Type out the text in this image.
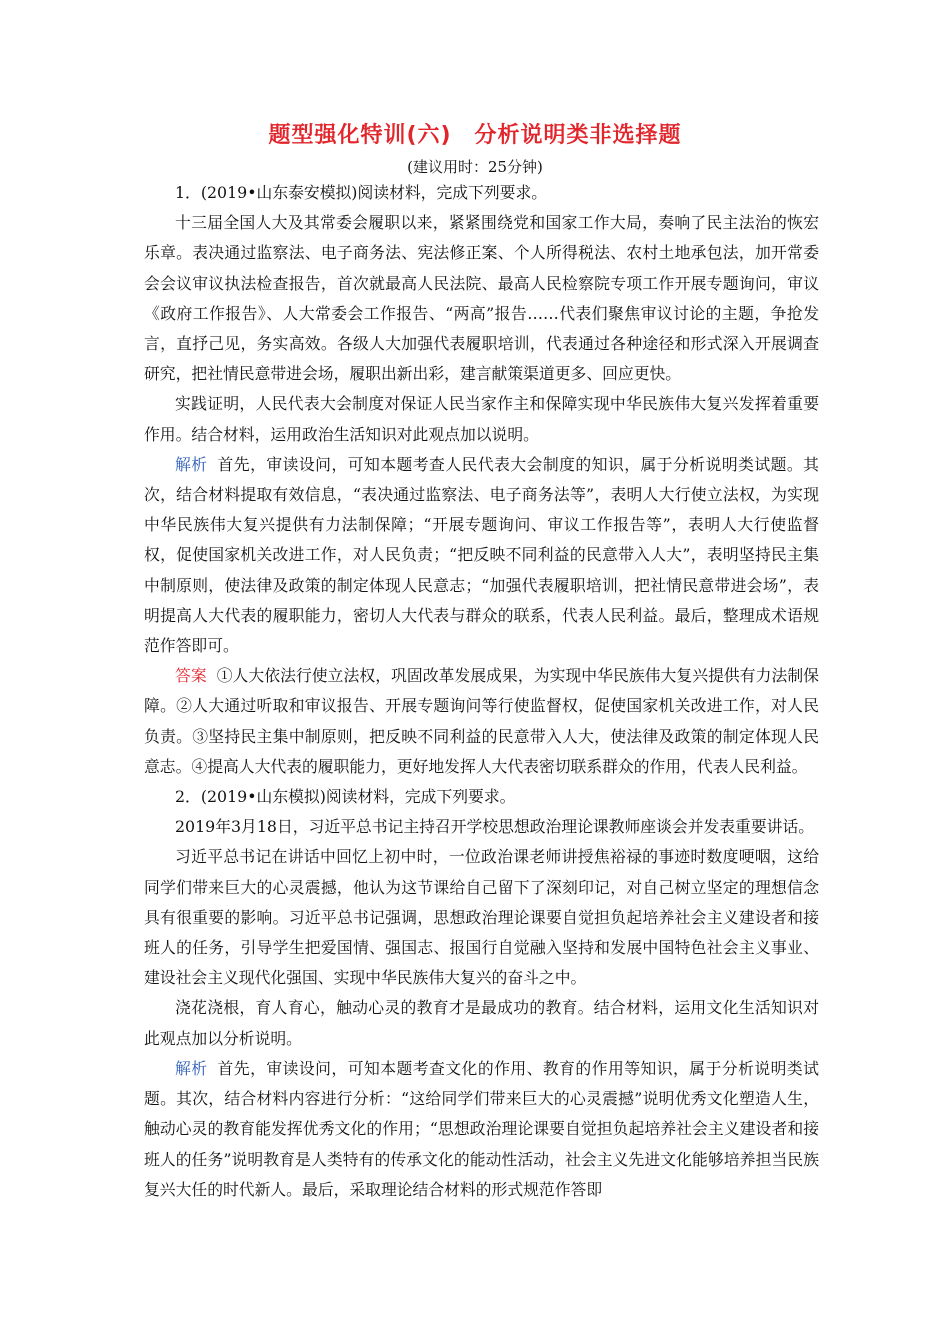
题型强化特训(六)　分析说明类非选择题
(建议用时：25分钟)

1．(2019•山东泰安模拟)阅读材料，完成下列要求。

十三届全国人大及其常委会履职以来，紧紧围绕党和国家工作大局，奏响了民主法治的恢宏乐章。表决通过监察法、电子商务法、宪法修正案、个人所得税法、农村土地承包法，加开常委会会议审议执法检查报告，首次就最高人民法院、最高人民检察院专项工作开展专题询问，审议《政府工作报告》、人大常委会工作报告、“两高”报告……代表们聚焦审议讨论的主题，争抢发言，直抒己见，务实高效。各级人大加强代表履职培训，代表通过各种途径和形式深入开展调查研究，把社情民意带进会场，履职出新出彩，建言献策渠道更多、回应更快。

实践证明，人民代表大会制度对保证人民当家作主和保障实现中华民族伟大复兴发挥着重要作用。结合材料，运用政治生活知识对此观点加以说明。

解析 首先，审读设问，可知本题考查人民代表大会制度的知识，属于分析说明类试题。其次，结合材料提取有效信息，“表决通过监察法、电子商务法等”，表明人大行使立法权，为实现中华民族伟大复兴提供有力法制保障；“开展专题询问、审议工作报告等”，表明人大行使监督权，促使国家机关改进工作，对人民负责；“把反映不同利益的民意带入人大”，表明坚持民主集中制原则，使法律及政策的制定体现人民意志；“加强代表履职培训，把社情民意带进会场”，表明提高人大代表的履职能力，密切人大代表与群众的联系，代表人民利益。最后，整理成术语规范作答即可。

答案 ①人大依法行使立法权，巩固改革发展成果，为实现中华民族伟大复兴提供有力法制保障。②人大通过听取和审议报告、开展专题询问等行使监督权，促使国家机关改进工作，对人民负责。③坚持民主集中制原则，把反映不同利益的民意带入人大，使法律及政策的制定体现人民意志。④提高人大代表的履职能力，更好地发挥人大代表密切联系群众的作用，代表人民利益。

2．(2019•山东模拟)阅读材料，完成下列要求。

2019年3月18日，习近平总书记主持召开学校思想政治理论课教师座谈会并发表重要讲话。

习近平总书记在讲话中回忆上初中时，一位政治课老师讲授焦裕禄的事迹时数度哽咽，这给同学们带来巨大的心灵震撼，他认为这节课给自己留下了深刻印记，对自己树立坚定的理想信念具有很重要的影响。习近平总书记强调，思想政治理论课要自觉担负起培养社会主义建设者和接班人的任务，引导学生把爱国情、强国志、报国行自觉融入坚持和发展中国特色社会主义事业、建设社会主义现代化强国、实现中华民族伟大复兴的奋斗之中。

浇花浇根，育人育心，触动心灵的教育才是最成功的教育。结合材料，运用文化生活知识对此观点加以分析说明。

解析 首先，审读设问，可知本题考查文化的作用、教育的作用等知识，属于分析说明类试题。其次，结合材料内容进行分析：“这给同学们带来巨大的心灵震撼”说明优秀文化塑造人生，触动心灵的教育能发挥优秀文化的作用；“思想政治理论课要自觉担负起培养社会主义建设者和接班人的任务”说明教育是人类特有的传承文化的能动性活动，社会主义先进文化能够培养担当民族复兴大任的时代新人。最后，采取理论结合材料的形式规范作答即
